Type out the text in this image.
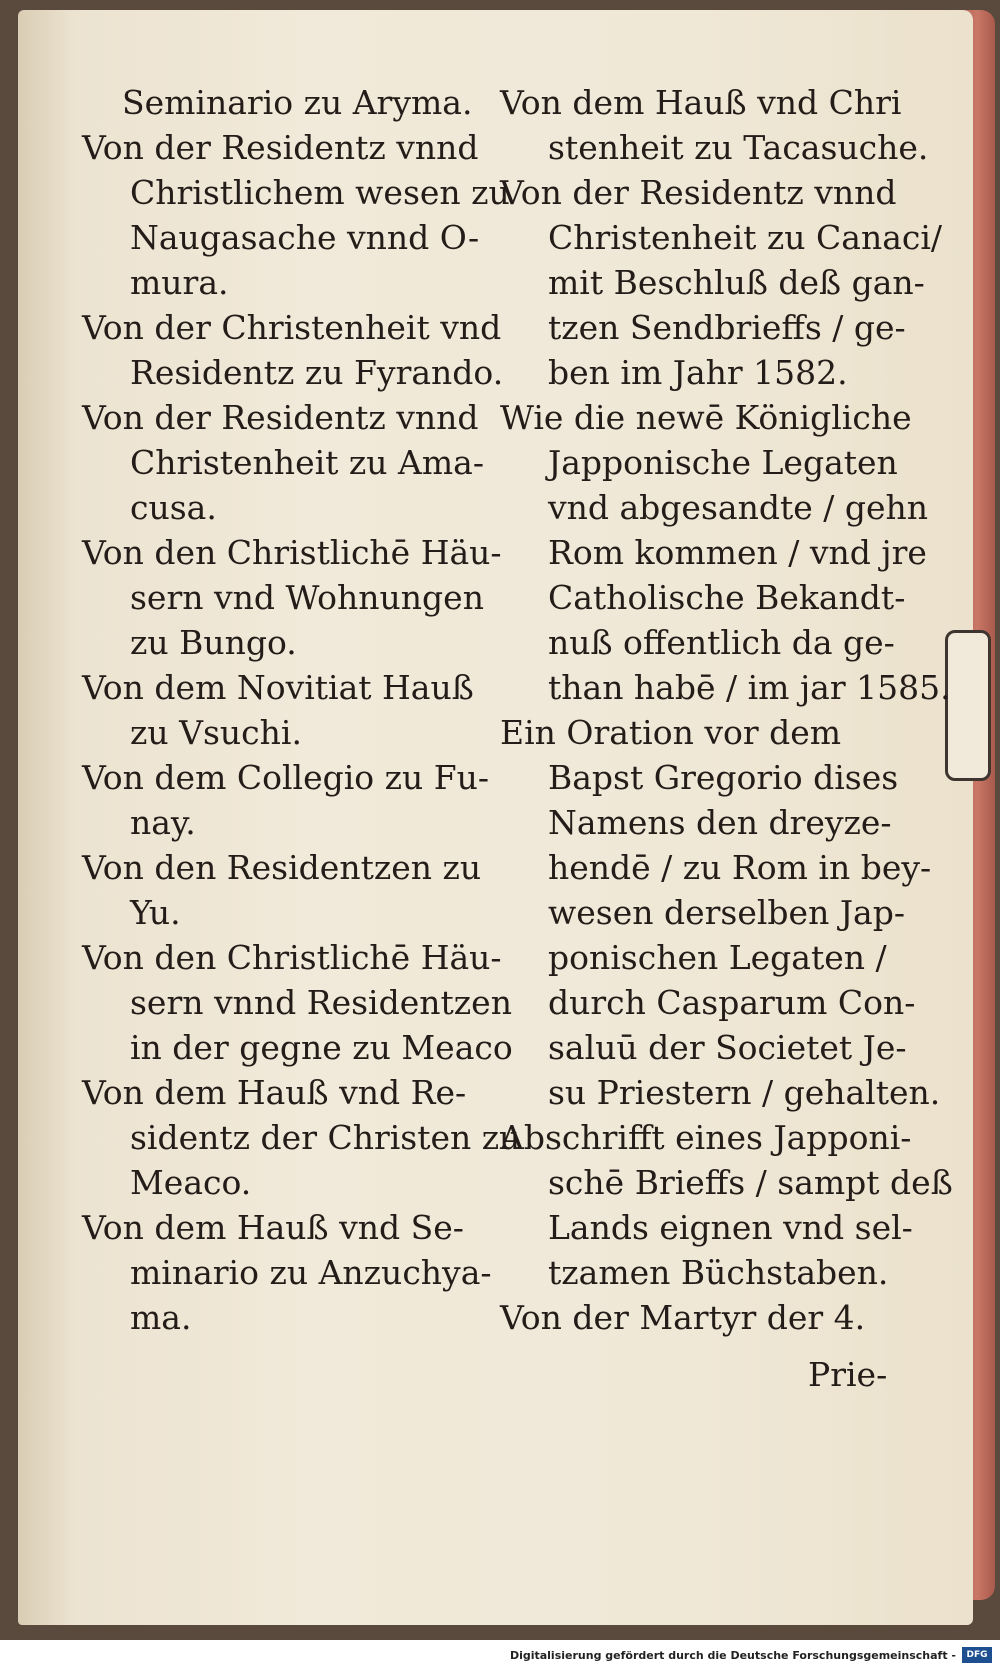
Seminario zu Aryma.
Von der Residentz vnnd
Christlichem wesen zu
Naugasache vnnd O-
mura.
Von der Christenheit vnd
Residentz zu Fyrando.
Von der Residentz vnnd
Christenheit zu Ama-
cusa.
Von den Christlichē Häu-
sern vnd Wohnungen
zu Bungo.
Von dem Novitiat Hauß
zu Vsuchi.
Von dem Collegio zu Fu-
nay.
Von den Residentzen zu
Yu.
Von den Christlichē Häu-
sern vnnd Residentzen
in der gegne zu Meaco
Von dem Hauß vnd Re-
sidentz der Christen zu
Meaco.
Von dem Hauß vnd Se-
minario zu Anzuchya-
ma.
Von dem Hauß vnd Chri
stenheit zu Tacasuche.
Von der Residentz vnnd
Christenheit zu Canaci/
mit Beschluß deß gan-
tzen Sendbrieffs / ge-
ben im Jahr 1582.
Wie die newē Königliche
Japponische Legaten
vnd abgesandte / gehn
Rom kommen / vnd jre
Catholische Bekandt-
nuß offentlich da ge-
than habē / im jar 1585.
Ein Oration vor dem
Bapst Gregorio dises
Namens den dreyze-
hendē / zu Rom in bey-
wesen derselben Jap-
ponischen Legaten /
durch Casparum Con-
saluū der Societet Je-
su Priestern / gehalten.
Abschrifft eines Japponi-
schē Brieffs / sampt deß
Lands eignen vnd sel-
tzamen Büchstaben.
Von der Martyr der 4.
Prie-
Digitalisierung gefördert durch die Deutsche Forschungsgemeinschaft -	DFG
